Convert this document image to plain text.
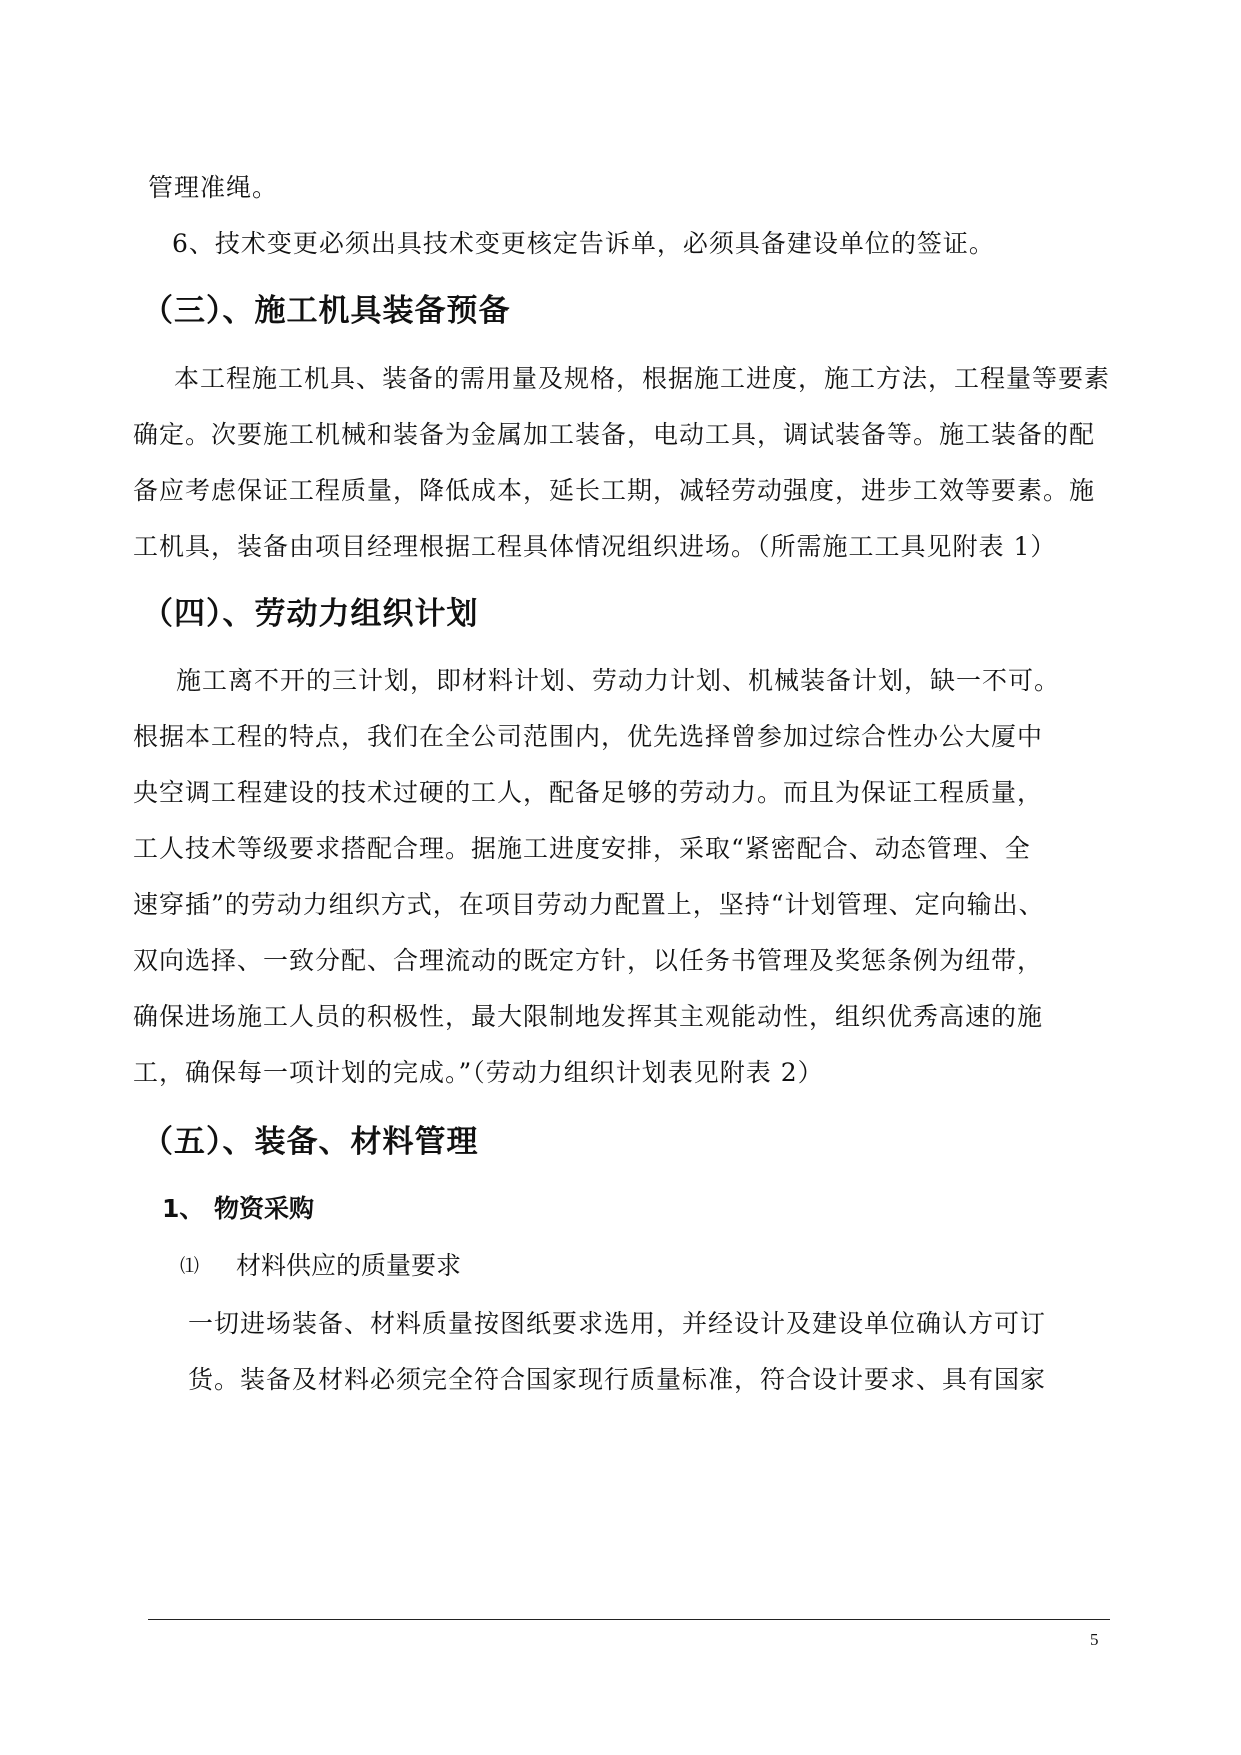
管理准绳。
　6、技术变更必须出具技术变更核定告诉单，必须具备建设单位的签证。
（三）、施工机具装备预备
　本工程施工机具、装备的需用量及规格，根据施工进度，施工方法，工程量等要素
确定。次要施工机械和装备为金属加工装备，电动工具，调试装备等。施工装备的配
备应考虑保证工程质量，降低成本，延长工期，减轻劳动强度，进步工效等要素。施
工机具，装备由项目经理根据工程具体情况组织进场。（所需施工工具见附表 1）
（四）、劳动力组织计划
　施工离不开的三计划，即材料计划、劳动力计划、机械装备计划，缺一不可。
根据本工程的特点，我们在全公司范围内，优先选择曾参加过综合性办公大厦中
央空调工程建设的技术过硬的工人，配备足够的劳动力。而且为保证工程质量，
工人技术等级要求搭配合理。据施工进度安排，采取“紧密配合、动态管理、全
速穿插”的劳动力组织方式，在项目劳动力配置上，坚持“计划管理、定向输出、
双向选择、一致分配、合理流动的既定方针，以任务书管理及奖惩条例为纽带，
确保进场施工人员的积极性，最大限制地发挥其主观能动性，组织优秀高速的施
工，确保每一项计划的完成。”（劳动力组织计划表见附表 2）
（五）、装备、材料管理
1、 物资采购
⑴ 材料供应的质量要求
一切进场装备、材料质量按图纸要求选用，并经设计及建设单位确认方可订
货。装备及材料必须完全符合国家现行质量标准，符合设计要求、具有国家
5
